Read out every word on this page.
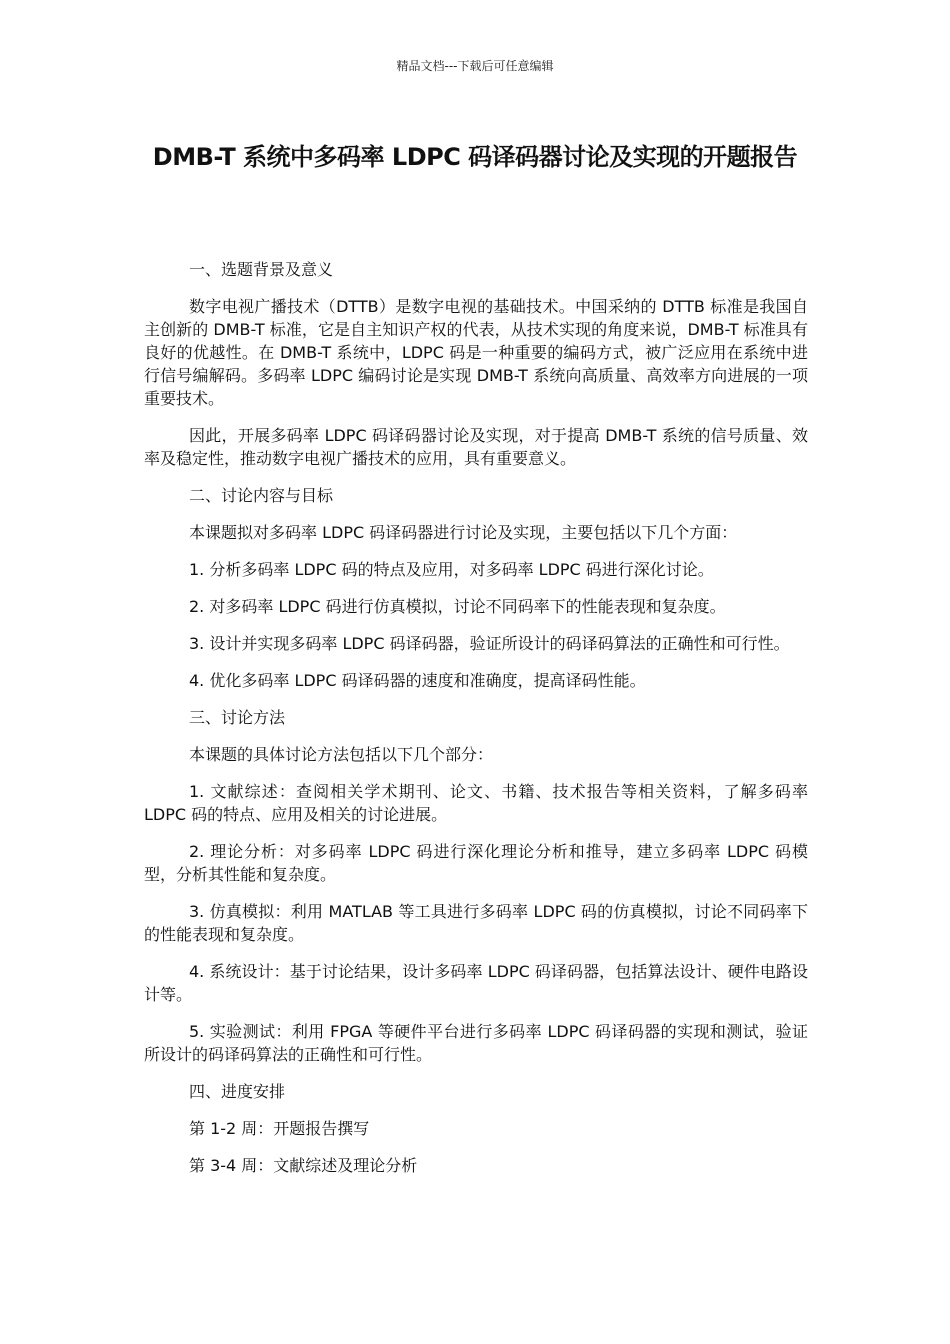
精品文档---下载后可任意编辑
DMB-T 系统中多码率 LDPC 码译码器讨论及实现的开题报告

一、选题背景及意义

数字电视广播技术（DTTB）是数字电视的基础技术。中国采纳的 DTTB 标准是我国自主创新的 DMB-T 标准，它是自主知识产权的代表，从技术实现的角度来说，DMB-T 标准具有良好的优越性。在 DMB-T 系统中，LDPC 码是一种重要的编码方式，被广泛应用在系统中进行信号编解码。多码率 LDPC 编码讨论是实现 DMB-T 系统向高质量、高效率方向进展的一项重要技术。

因此，开展多码率 LDPC 码译码器讨论及实现，对于提高 DMB-T 系统的信号质量、效率及稳定性，推动数字电视广播技术的应用，具有重要意义。

二、讨论内容与目标

本课题拟对多码率 LDPC 码译码器进行讨论及实现，主要包括以下几个方面：

1. 分析多码率 LDPC 码的特点及应用，对多码率 LDPC 码进行深化讨论。

2. 对多码率 LDPC 码进行仿真模拟，讨论不同码率下的性能表现和复杂度。

3. 设计并实现多码率 LDPC 码译码器，验证所设计的码译码算法的正确性和可行性。

4. 优化多码率 LDPC 码译码器的速度和准确度，提高译码性能。

三、讨论方法

本课题的具体讨论方法包括以下几个部分：

1. 文献综述：查阅相关学术期刊、论文、书籍、技术报告等相关资料，了解多码率 LDPC 码的特点、应用及相关的讨论进展。

2. 理论分析：对多码率 LDPC 码进行深化理论分析和推导，建立多码率 LDPC 码模型，分析其性能和复杂度。

3. 仿真模拟：利用 MATLAB 等工具进行多码率 LDPC 码的仿真模拟，讨论不同码率下的性能表现和复杂度。

4. 系统设计：基于讨论结果，设计多码率 LDPC 码译码器，包括算法设计、硬件电路设计等。

5. 实验测试：利用 FPGA 等硬件平台进行多码率 LDPC 码译码器的实现和测试，验证所设计的码译码算法的正确性和可行性。

四、进度安排

第 1-2 周：开题报告撰写

第 3-4 周：文献综述及理论分析
